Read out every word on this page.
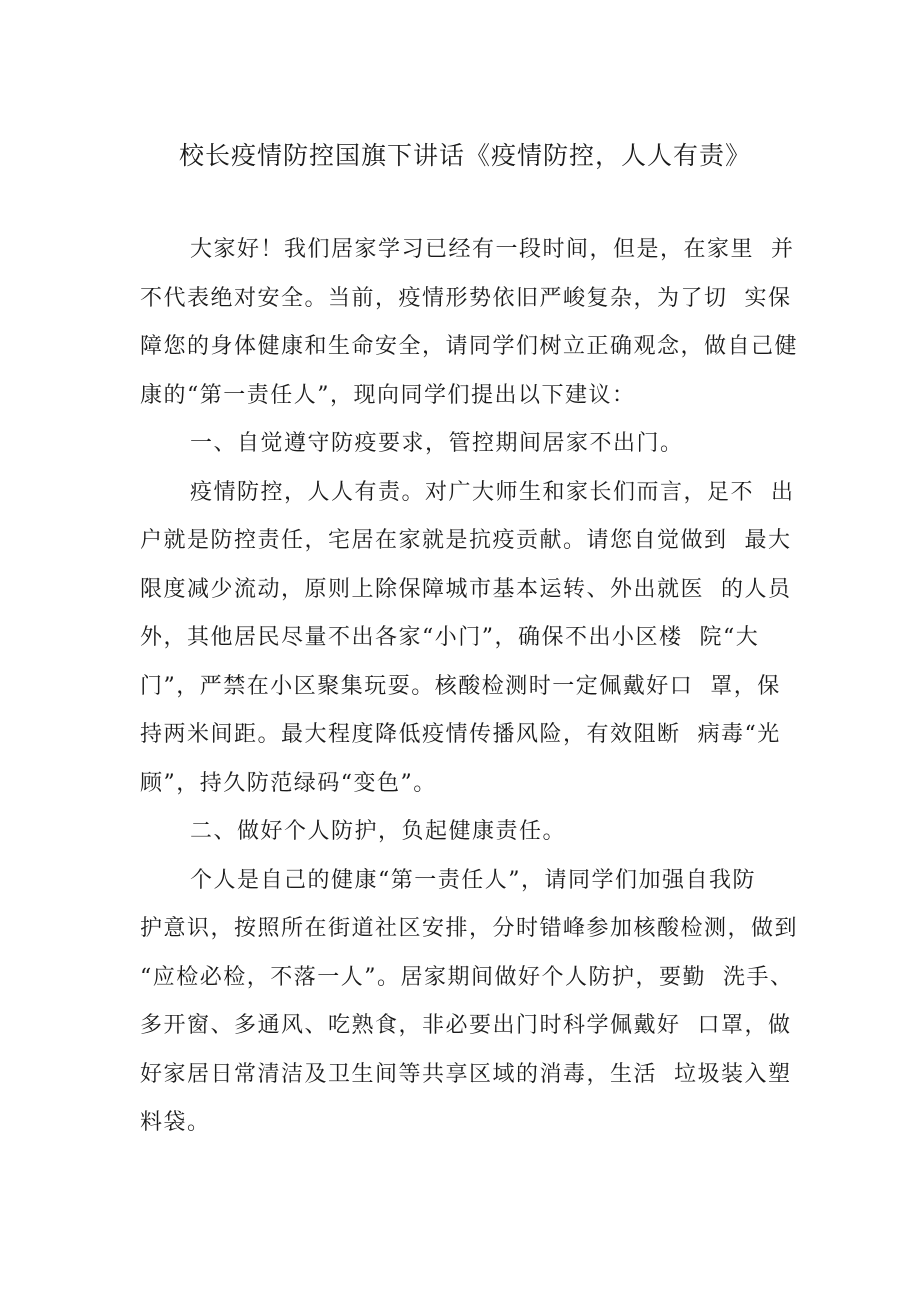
校长疫情防控国旗下讲话《疫情防控，人人有责》
大家好！我们居家学习已经有一段时间，但是，在家里  并
不代表绝对安全。当前，疫情形势依旧严峻复杂，为了切  实保
障您的身体健康和生命安全，请同学们树立正确观念，做自己健
康的“第一责任人”，现向同学们提出以下建议：
一、自觉遵守防疫要求，管控期间居家不出门。
疫情防控，人人有责。对广大师生和家长们而言，足不  出
户就是防控责任，宅居在家就是抗疫贡献。请您自觉做到  最大
限度减少流动，原则上除保障城市基本运转、外出就医  的人员
外，其他居民尽量不出各家“小门”，确保不出小区楼  院“大
门”，严禁在小区聚集玩耍。核酸检测时一定佩戴好口  罩，保
持两米间距。最大程度降低疫情传播风险，有效阻断  病毒“光
顾”，持久防范绿码“变色”。
二、做好个人防护，负起健康责任。
个人是自己的健康“第一责任人”，请同学们加强自我防
护意识，按照所在街道社区安排，分时错峰参加核酸检测，做到
“应检必检，不落一人”。居家期间做好个人防护，要勤  洗手、
多开窗、多通风、吃熟食，非必要出门时科学佩戴好  口罩，做
好家居日常清洁及卫生间等共享区域的消毒，生活  垃圾装入塑
料袋。
